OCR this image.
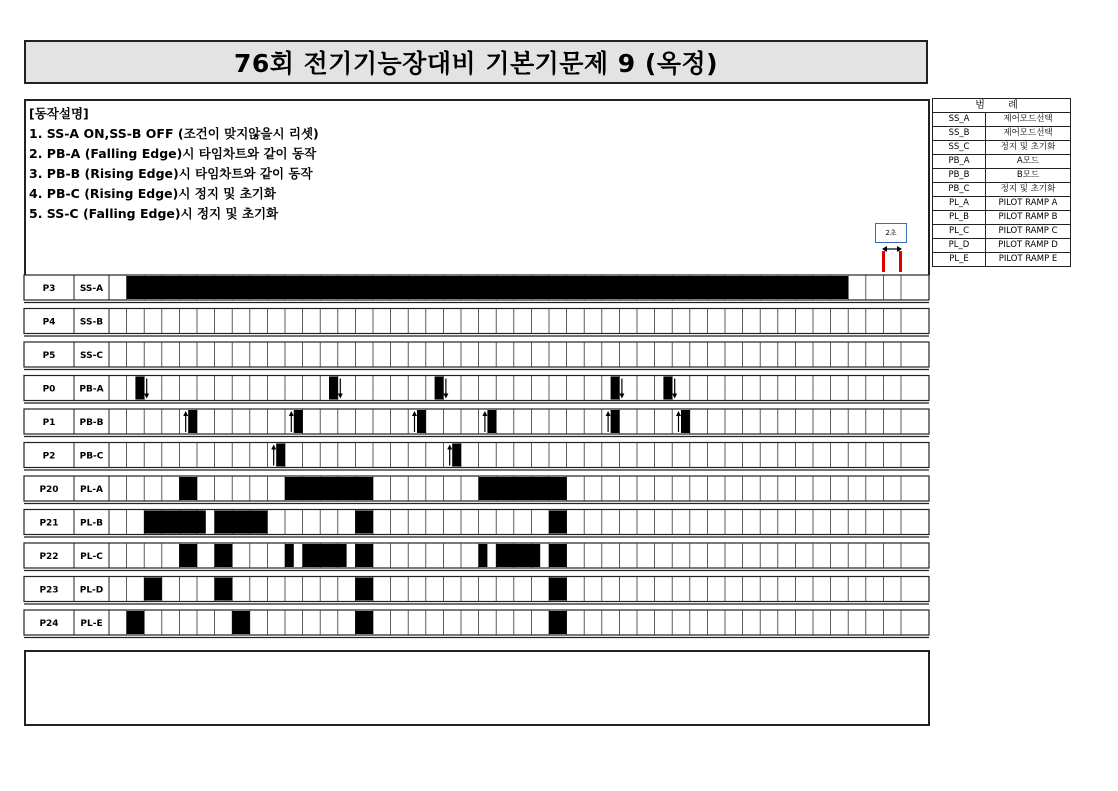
76회 전기기능장대비 기본기문제 9 (옥정)
[동작설명]
1. SS-A ON,SS-B OFF (조건이 맞지않을시 리셋)
2. PB-A (Falling Edge)시 타임차트와 같이 동작
3. PB-B (Rising Edge)시 타임차트와 같이 동작
4. PB-C (Rising Edge)시 정지 및 초기화
5. SS-C (Falling Edge)시 정지 및 초기화
2초
범 례	
SS_A	제어모드선택
SS_B	제어모드선택
SS_C	정지 및 초기화
PB_A	A모드
PB_B	B모드
PB_C	정지 및 초기화
PL_A	PILOT RAMP A
PL_B	PILOT RAMP B
PL_C	PILOT RAMP C
PL_D	PILOT RAMP D
PL_E	PILOT RAMP E
P3	SS-A
P4	SS-B
P5	SS-C
P0	PB-A
P1	PB-B
P2	PB-C
P20 PL-A
P21 PL-B
P22 PL-C
P23 PL-D
P24 PL-E
